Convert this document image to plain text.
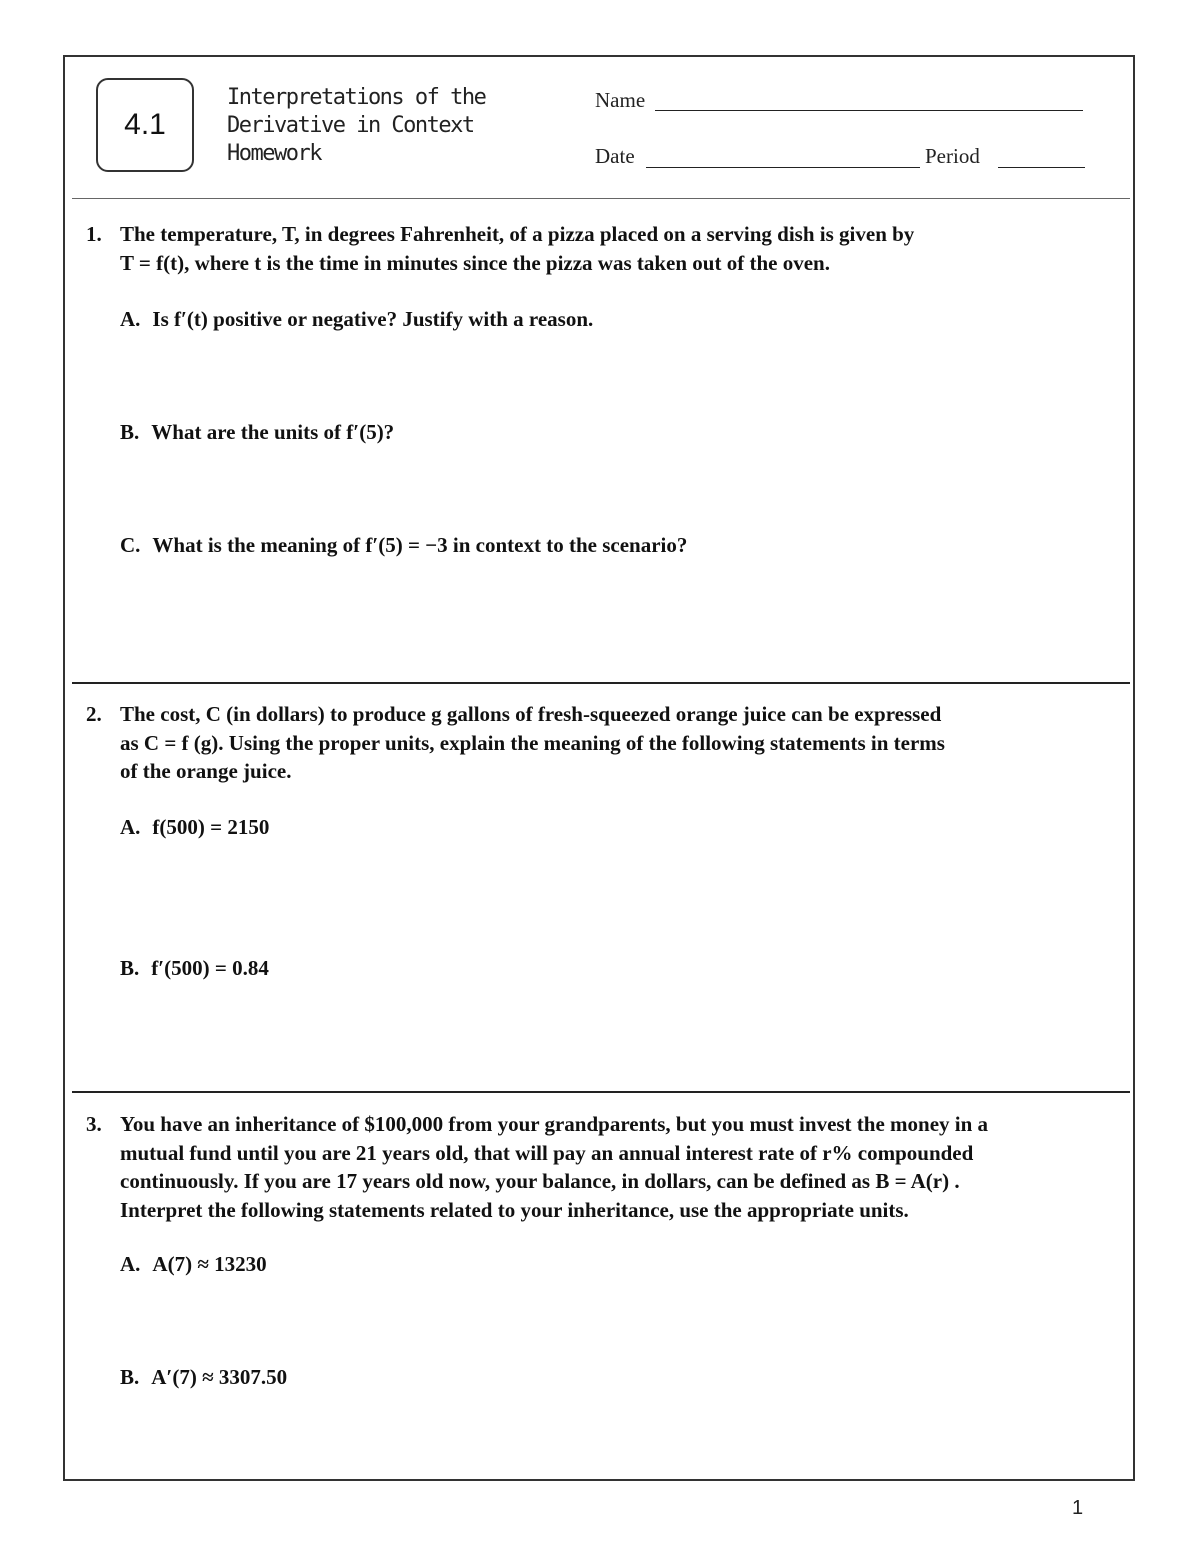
4.1
Interpretations of the
Derivative in Context
Homework
Name
Date	Period
1. The temperature, T, in degrees Fahrenheit, of a pizza placed on a serving dish is given by
T = f(t), where t is the time in minutes since the pizza was taken out of the oven.
A. Is f′(t) positive or negative? Justify with a reason.
B. What are the units of f′(5)?
C. What is the meaning of f′(5) = −3 in context to the scenario?
2. The cost, C (in dollars) to produce g gallons of fresh-squeezed orange juice can be expressed
as C = f (g). Using the proper units, explain the meaning of the following statements in terms
of the orange juice.
A. f(500) = 2150
B. f′(500) = 0.84
3. You have an inheritance of $100,000 from your grandparents, but you must invest the money in a
mutual fund until you are 21 years old, that will pay an annual interest rate of r% compounded
continuously. If you are 17 years old now, your balance, in dollars, can be defined as B = A(r) .
Interpret the following statements related to your inheritance, use the appropriate units.
A. A(7) ≈ 13230
B. A′(7) ≈ 3307.50
1
